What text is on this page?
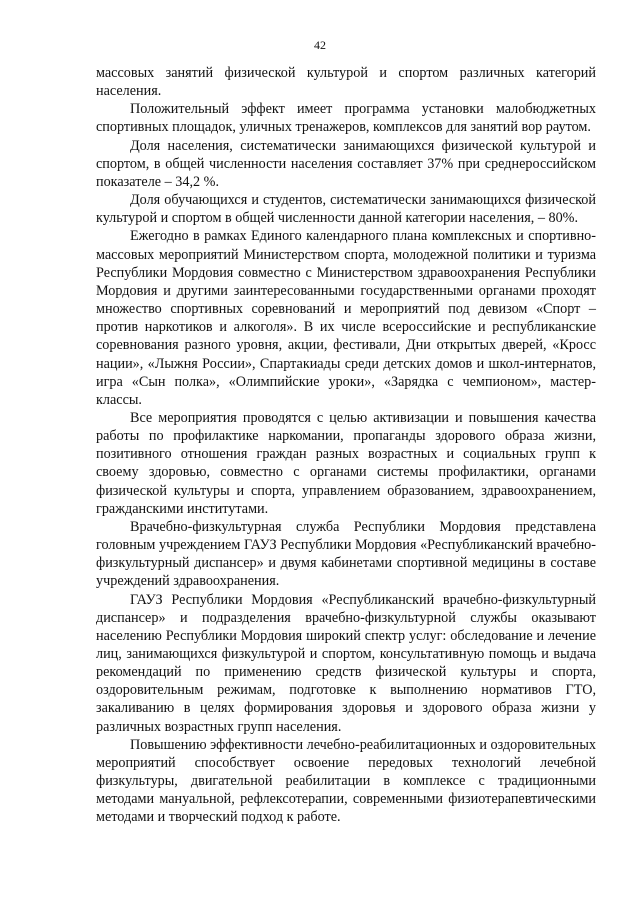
42

массовых занятий физической культурой и спортом различных категорий населения.

Положительный эффект имеет программа установки малобюджетных спортивных площадок, уличных тренажеров, комплексов для занятий вор раутом.

Доля населения, систематически занимающихся физической культурой и спортом, в общей численности населения составляет 37% при среднероссийском показателе – 34,2 %.

Доля обучающихся и студентов, систематически занимающихся физической культурой и спортом в общей численности данной категории населения, – 80%.

Ежегодно в рамках Единого календарного плана комплексных и спортивно-массовых мероприятий Министерством спорта, молодежной политики и туризма Республики Мордовия совместно с Министерством здравоохранения Республики Мордовия и другими заинтересованными государственными органами проходят множество спортивных соревнований и мероприятий под девизом «Спорт – против наркотиков и алкоголя». В их числе всероссийские и республиканские соревнования разного уровня, акции, фестивали, Дни открытых дверей, «Кросс нации», «Лыжня России», Спартакиады среди детских домов и школ-интернатов, игра «Сын полка», «Олимпийские уроки», «Зарядка с чемпионом», мастер-классы.

Все мероприятия проводятся с целью активизации и повышения качества работы по профилактике наркомании, пропаганды здорового образа жизни, позитивного отношения граждан разных возрастных и социальных групп к своему здоровью, совместно с органами системы профилактики, органами физической культуры и спорта, управлением образованием, здравоохранением, гражданскими институтами.

Врачебно-физкультурная служба Республики Мордовия представлена головным учреждением ГАУЗ Республики Мордовия «Республиканский врачебно-физкультурный диспансер» и двумя кабинетами спортивной медицины в составе учреждений здравоохранения.

ГАУЗ Республики Мордовия «Республиканский врачебно-физкультурный диспансер» и подразделения врачебно-физкультурной службы оказывают населению Республики Мордовия широкий спектр услуг: обследование и лечение лиц, занимающихся физкультурой и спортом, консультативную помощь и выдача рекомендаций по применению средств физической культуры и спорта, оздоровительным режимам, подготовке к выполнению нормативов ГТО, закаливанию в целях формирования здоровья и здорового образа жизни у различных возрастных групп населения.

Повышению эффективности лечебно-реабилитационных и оздоровительных мероприятий способствует освоение передовых технологий лечебной физкультуры, двигательной реабилитации в комплексе с традиционными методами мануальной, рефлексотерапии, современными физиотерапевтическими методами и творческий подход к работе.
